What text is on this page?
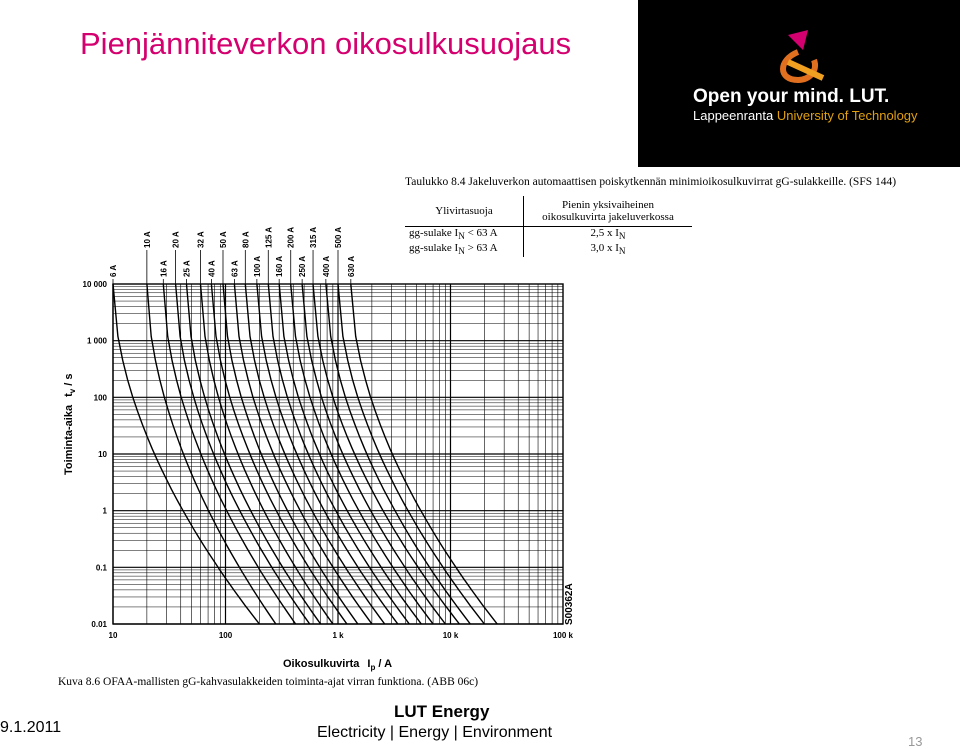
Pienjänniteverkon oikosulkusuojaus
Open your mind. LUT.
Lappeenranta University of Technology
Taulukko 8.4 Jakeluverkon automaattisen poiskytkennän minimioikosulkuvirrat gG-sulakkeille. (SFS 144)
Ylivirtasuoja	Pienin yksivaiheinen
oikosulkuvirta jakeluverkossa
gg-sulake $I_N < 63$ A	2,5 x $I_N$
gg-sulake $I_N > 63$ A	3,0 x $I_N$
10 000
1 000
100
10
1
0.1
0.01
10	100	1 k	10 k	100 k
6 A
10 A
16 A
20 A
25 A
32 A
40 A
50 A
63 A
80 A
100 A
125 A
160 A
200 A
250 A
315 A
400 A
500 A
630 A
Toiminta-aikat$_v$ / s
Oikosulkuvirta $I_p$ / A
S00362A
Kuva 8.6 OFAA-mallisten gG-kahvasulakkeiden toiminta-ajat virran funktiona. (ABB 06c)
9.1.2011
LUT Energy
Electricity | Energy | Environment
13
